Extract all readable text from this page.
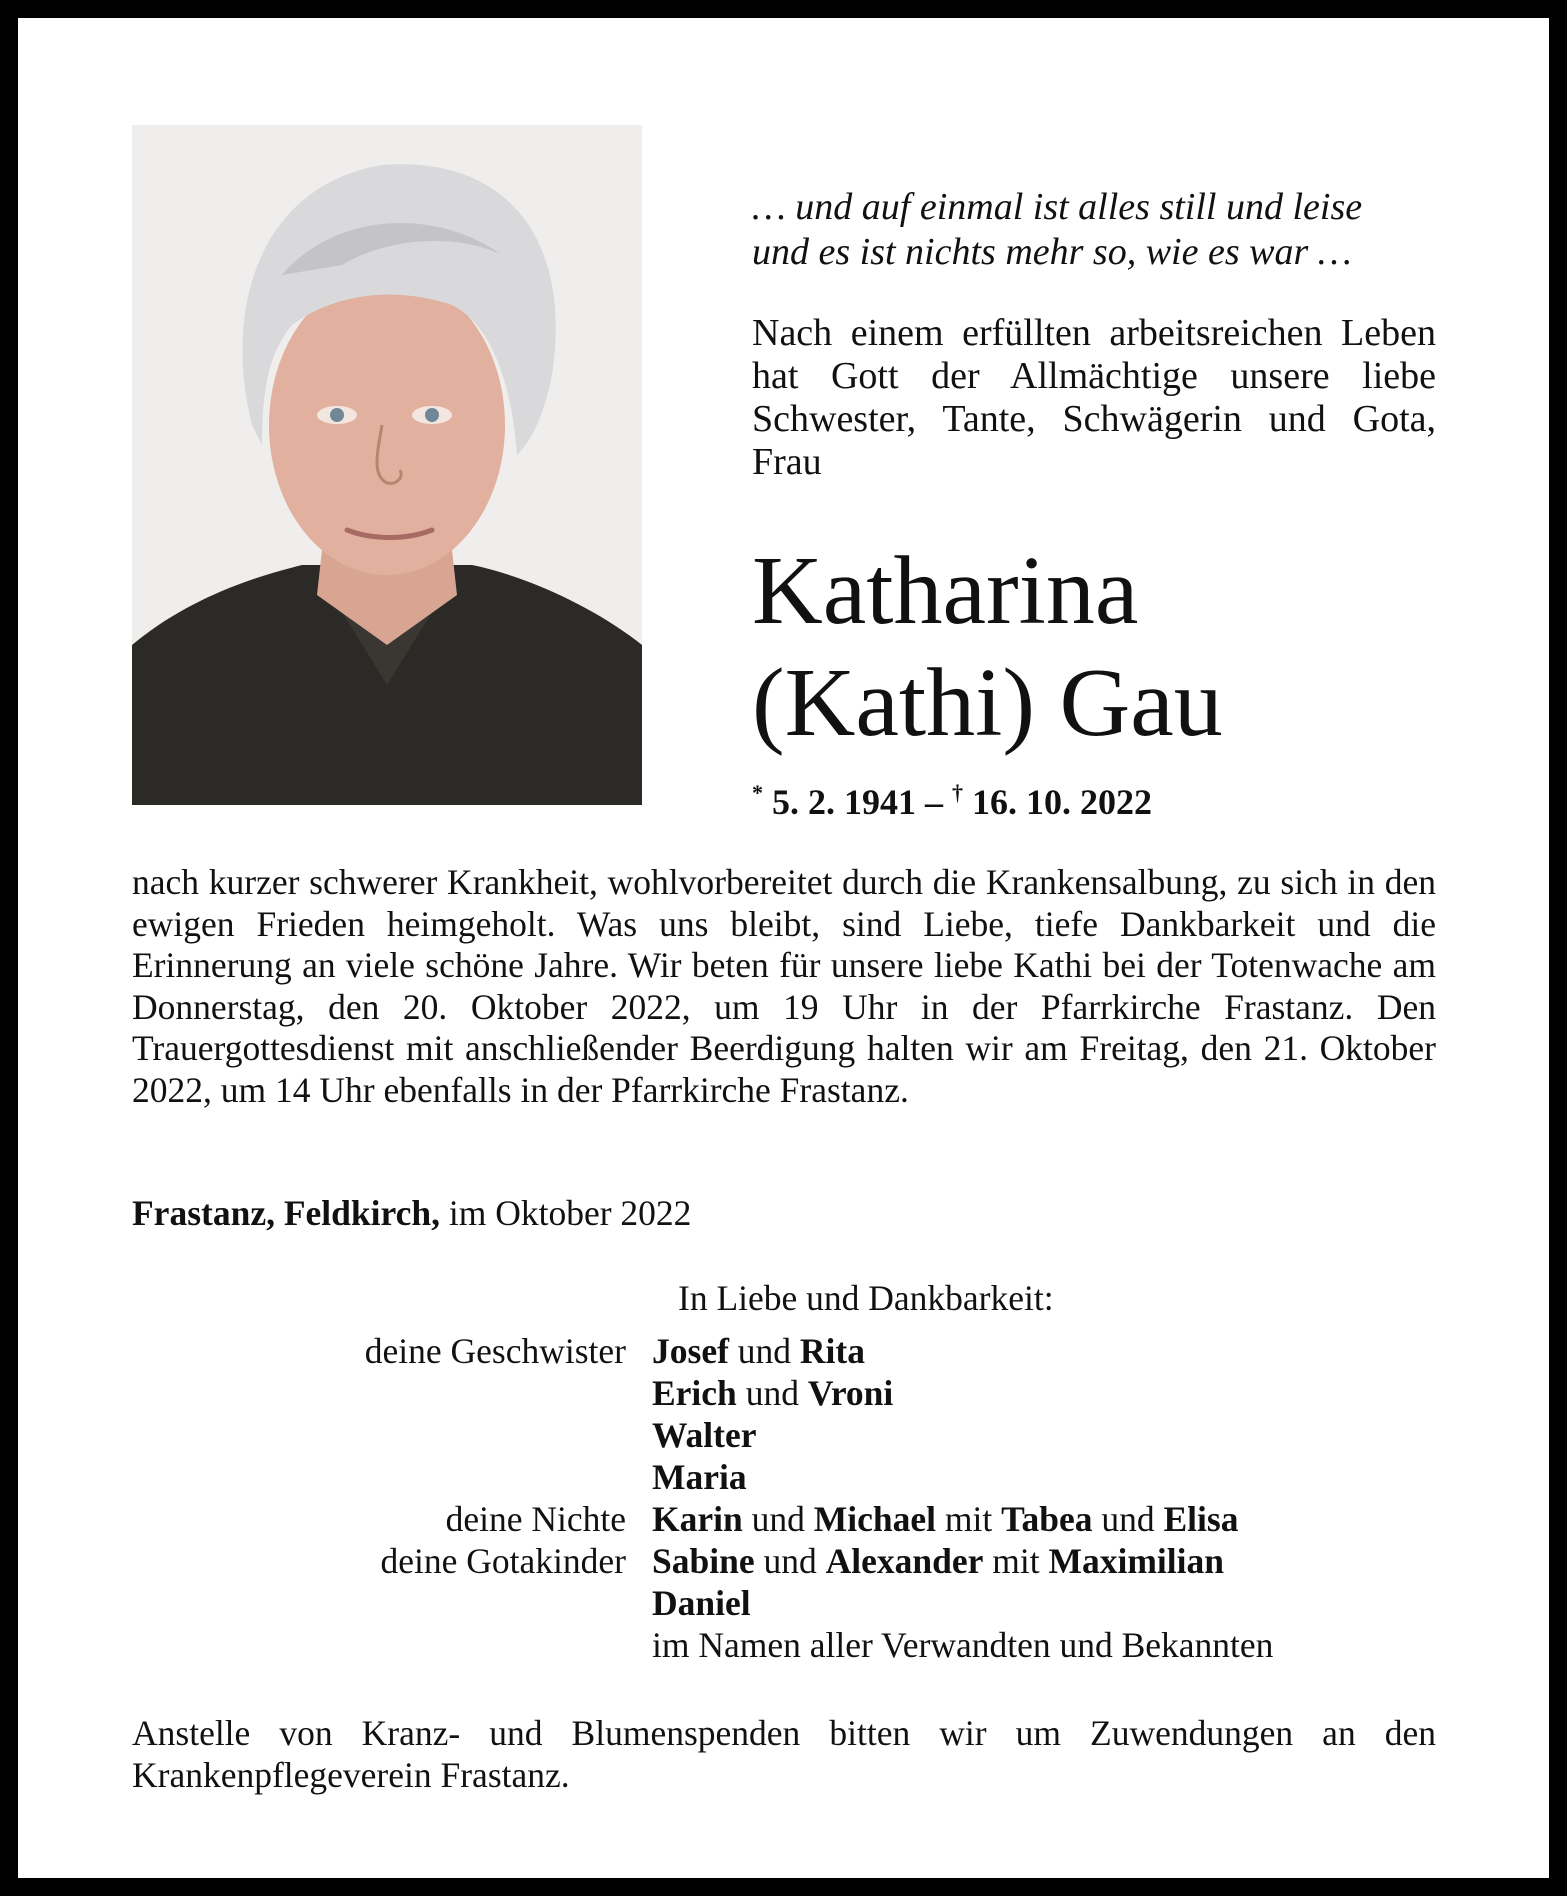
… und auf einmal ist alles still und leise
und es ist nichts mehr so, wie es war …
Nach einem erfüllten arbeitsreichen Leben hat Gott der Allmächtige unsere liebe Schwester, Tante, Schwägerin und Gota, Frau
Katharina
(Kathi) Gau
* 5. 2. 1941 – † 16. 10. 2022
nach kurzer schwerer Krankheit, wohlvorbereitet durch die Krankensalbung, zu sich in den ewigen Frieden heimgeholt. Was uns bleibt, sind Liebe, tiefe Dankbarkeit und die Erinnerung an viele schöne Jahre. Wir beten für unsere liebe Kathi bei der Totenwache am Donnerstag, den 20. Oktober 2022, um 19 Uhr in der Pfarrkirche Frastanz. Den Trauergottesdienst mit anschließender Beerdigung halten wir am Freitag, den 21. Oktober 2022, um 14 Uhr ebenfalls in der Pfarrkirche Frastanz.
Frastanz, Feldkirch, im Oktober 2022
In Liebe und Dankbarkeit:
deine Geschwister Josef und Rita
Erich und Vroni
Walter
Maria
deine Nichte Karin und Michael mit Tabea und Elisa
deine Gotakinder Sabine und Alexander mit Maximilian
Daniel
im Namen aller Verwandten und Bekannten
Anstelle von Kranz- und Blumenspenden bitten wir um Zuwendungen an den Krankenpflegeverein Frastanz.
